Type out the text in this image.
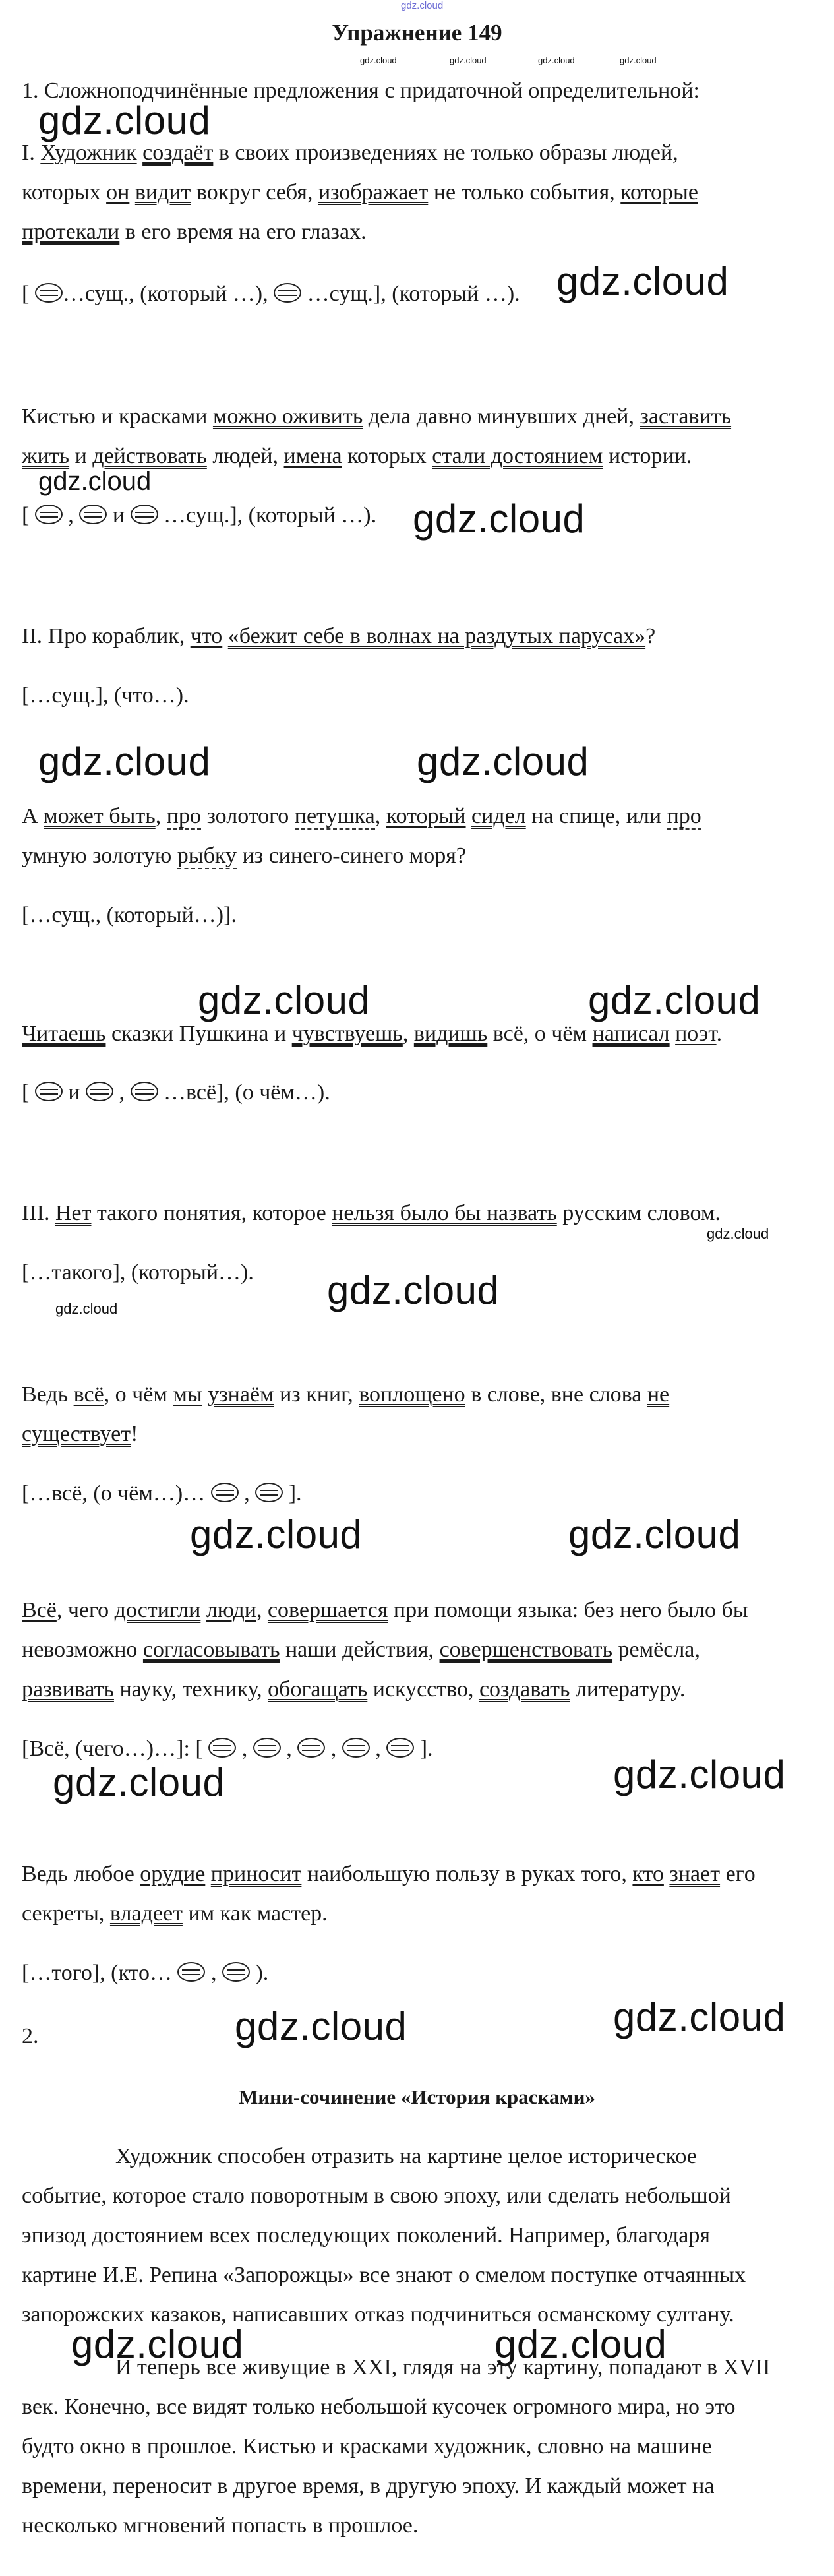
gdz.cloud
Упражнение 149
gdz.cloud	gdz.cloud	gdz.cloud	gdz.cloud
1. Сложноподчинённые предложения с придаточной определительной:
gdz.cloud
I. Художник создаёт в своих произведениях не только образы людей,
которых он видит вокруг себя, изображает не только события, которые
протекали в его время на его глазах.
[ …сущ., (который …),  …сущ.], (который …). gdz.cloud
Кистью и красками можно оживить дела давно минувших дней, заставить
жить и действовать людей, имена которых стали достоянием истории.
gdz.cloud
[  ,  и  …сущ.], (который …). gdz.cloud
II. Про кораблик, что «бежит себе в волнах на раздутых парусах»?
[…сущ.], (что…).
gdz.cloud	gdz.cloud
А может быть, про золотого петушка, который сидел на спице, или про
умную золотую рыбку из синего-синего моря?
[…сущ., (который…)].
gdz.cloud	gdz.cloud
Читаешь сказки Пушкина и чувствуешь, видишь всё, о чём написал поэт.
[  и  ,  …всё], (о чём…).
III. Нет такого понятия, которое нельзя было бы назвать русским словом.
gdz.cloud
[…такого], (который…). gdz.cloud
gdz.cloud
Ведь всё, о чём мы узнаём из книг, воплощено в слове, вне слова не
существует!
[…всё, (о чём…)…  ,  ].
gdz.cloud	gdz.cloud
Всё, чего достигли люди, совершается при помощи языка: без него было бы
невозможно согласовывать наши действия, совершенствовать ремёсла,
развивать науку, технику, обогащать искусство, создавать литературу.
[Всё, (чего…)…]: [  ,  ,  ,  ,  ].
gdz.cloud	gdz.cloud
Ведь любое орудие приносит наибольшую пользу в руках того, кто знает его
секреты, владеет им как мастер.
[…того], (кто…  ,  ).
2.	gdz.cloud	gdz.cloud
Мини-сочинение «История красками»
Художник способен отразить на картине целое историческое
событие, которое стало поворотным в свою эпоху, или сделать небольшой
эпизод достоянием всех последующих поколений. Например, благодаря
картине И.Е. Репина «Запорожцы» все знают о смелом поступке отчаянных
запорожских казаков, написавших отказ подчиниться османскому султану.
gdz.cloud	gdz.cloud
И теперь все живущие в XXI, глядя на эту картину, попадают в XVII
век. Конечно, все видят только небольшой кусочек огромного мира, но это
будто окно в прошлое. Кистью и красками художник, словно на машине
времени, переносит в другое время, в другую эпоху. И каждый может на
несколько мгновений попасть в прошлое.
